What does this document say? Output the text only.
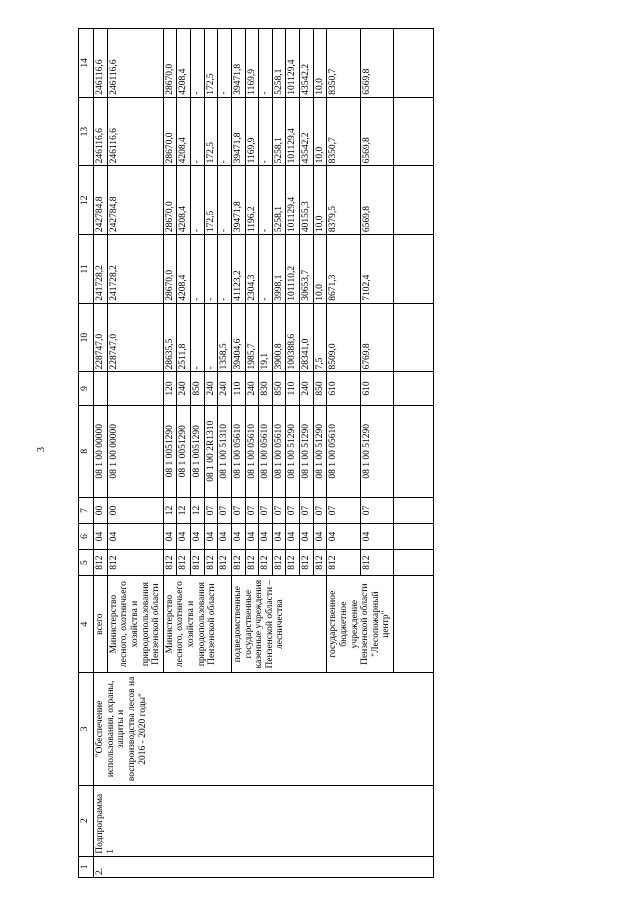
3
1	2	3	4	5	6	7	8	9	10	11	12	13	14
2.	Подпрограмма 1	"Обеспечение использования, охраны, защиты и воспроизводства лесов на 2016 - 2020 годы"	всего	812	04	00	08 1 00 00000		228747,0	241728,2	242784,8	246116,6	246116,6
			Министерство лесного, охотничьего хозяйства и природопользования Пензенской области	812	04	00	08 1 00 00000		228747,0	241728,2	242784,8	246116,6	246116,6
			Министерство лесного, охотничьего хозяйства и природопользования Пензенской области	812	04	12	08 1 0051290	120	28635,5	28670,0	28670,0	28670,0	28670,0
				812	04	12	08 1 0051290	240	2511,8	4208,4	4208,4	4208,4	4208,4
				812	04	12	08 1 0051290	850	-	-	-	-	-
				812	04	07	08 1 00 2R1310	240	-	-	172,5	172,5	172,5
				812	04	07	08 1 00 51310	240	1358,5	-	-	-	-
			подведомственные государственные казенные учреждения Пензенской области – лесничества	812	04	07	08 1 00 05610	110	39404,6	41123,2	39471,8	39471,8	39471,8
				812	04	07	08 1 00 05610	240	1985,7	2304,3	1196,2	1169,9	1169,9
				812	04	07	08 1 00 05610	830	19,1	-	-	-	-
				812	04	07	08 1 00 05610	850	3900,8	3998,1	5258,1	5258,1	5258,1
				812	04	07	08 1 00 51290	110	100388,6	101110,2	101129,4	101129,4	101129,4
				812	04	07	08 1 00 51290	240	28341,0	30653,7	40155,3	43542,2	43542,2
				812	04	07	08 1 00 51290	850	7,5	10,0	10,0	10,0	10,0
			государственное бюджетное учреждение Пензенской области "Лесопожарный центр"	812	04	07	08 1 00 05610	610	8509,0	8671,3	8379,5	8350,7	8350,7
				812	04	07	08 1 00 51290	610	6769,8	7102,4	6569,8	6569,8	6569,8
